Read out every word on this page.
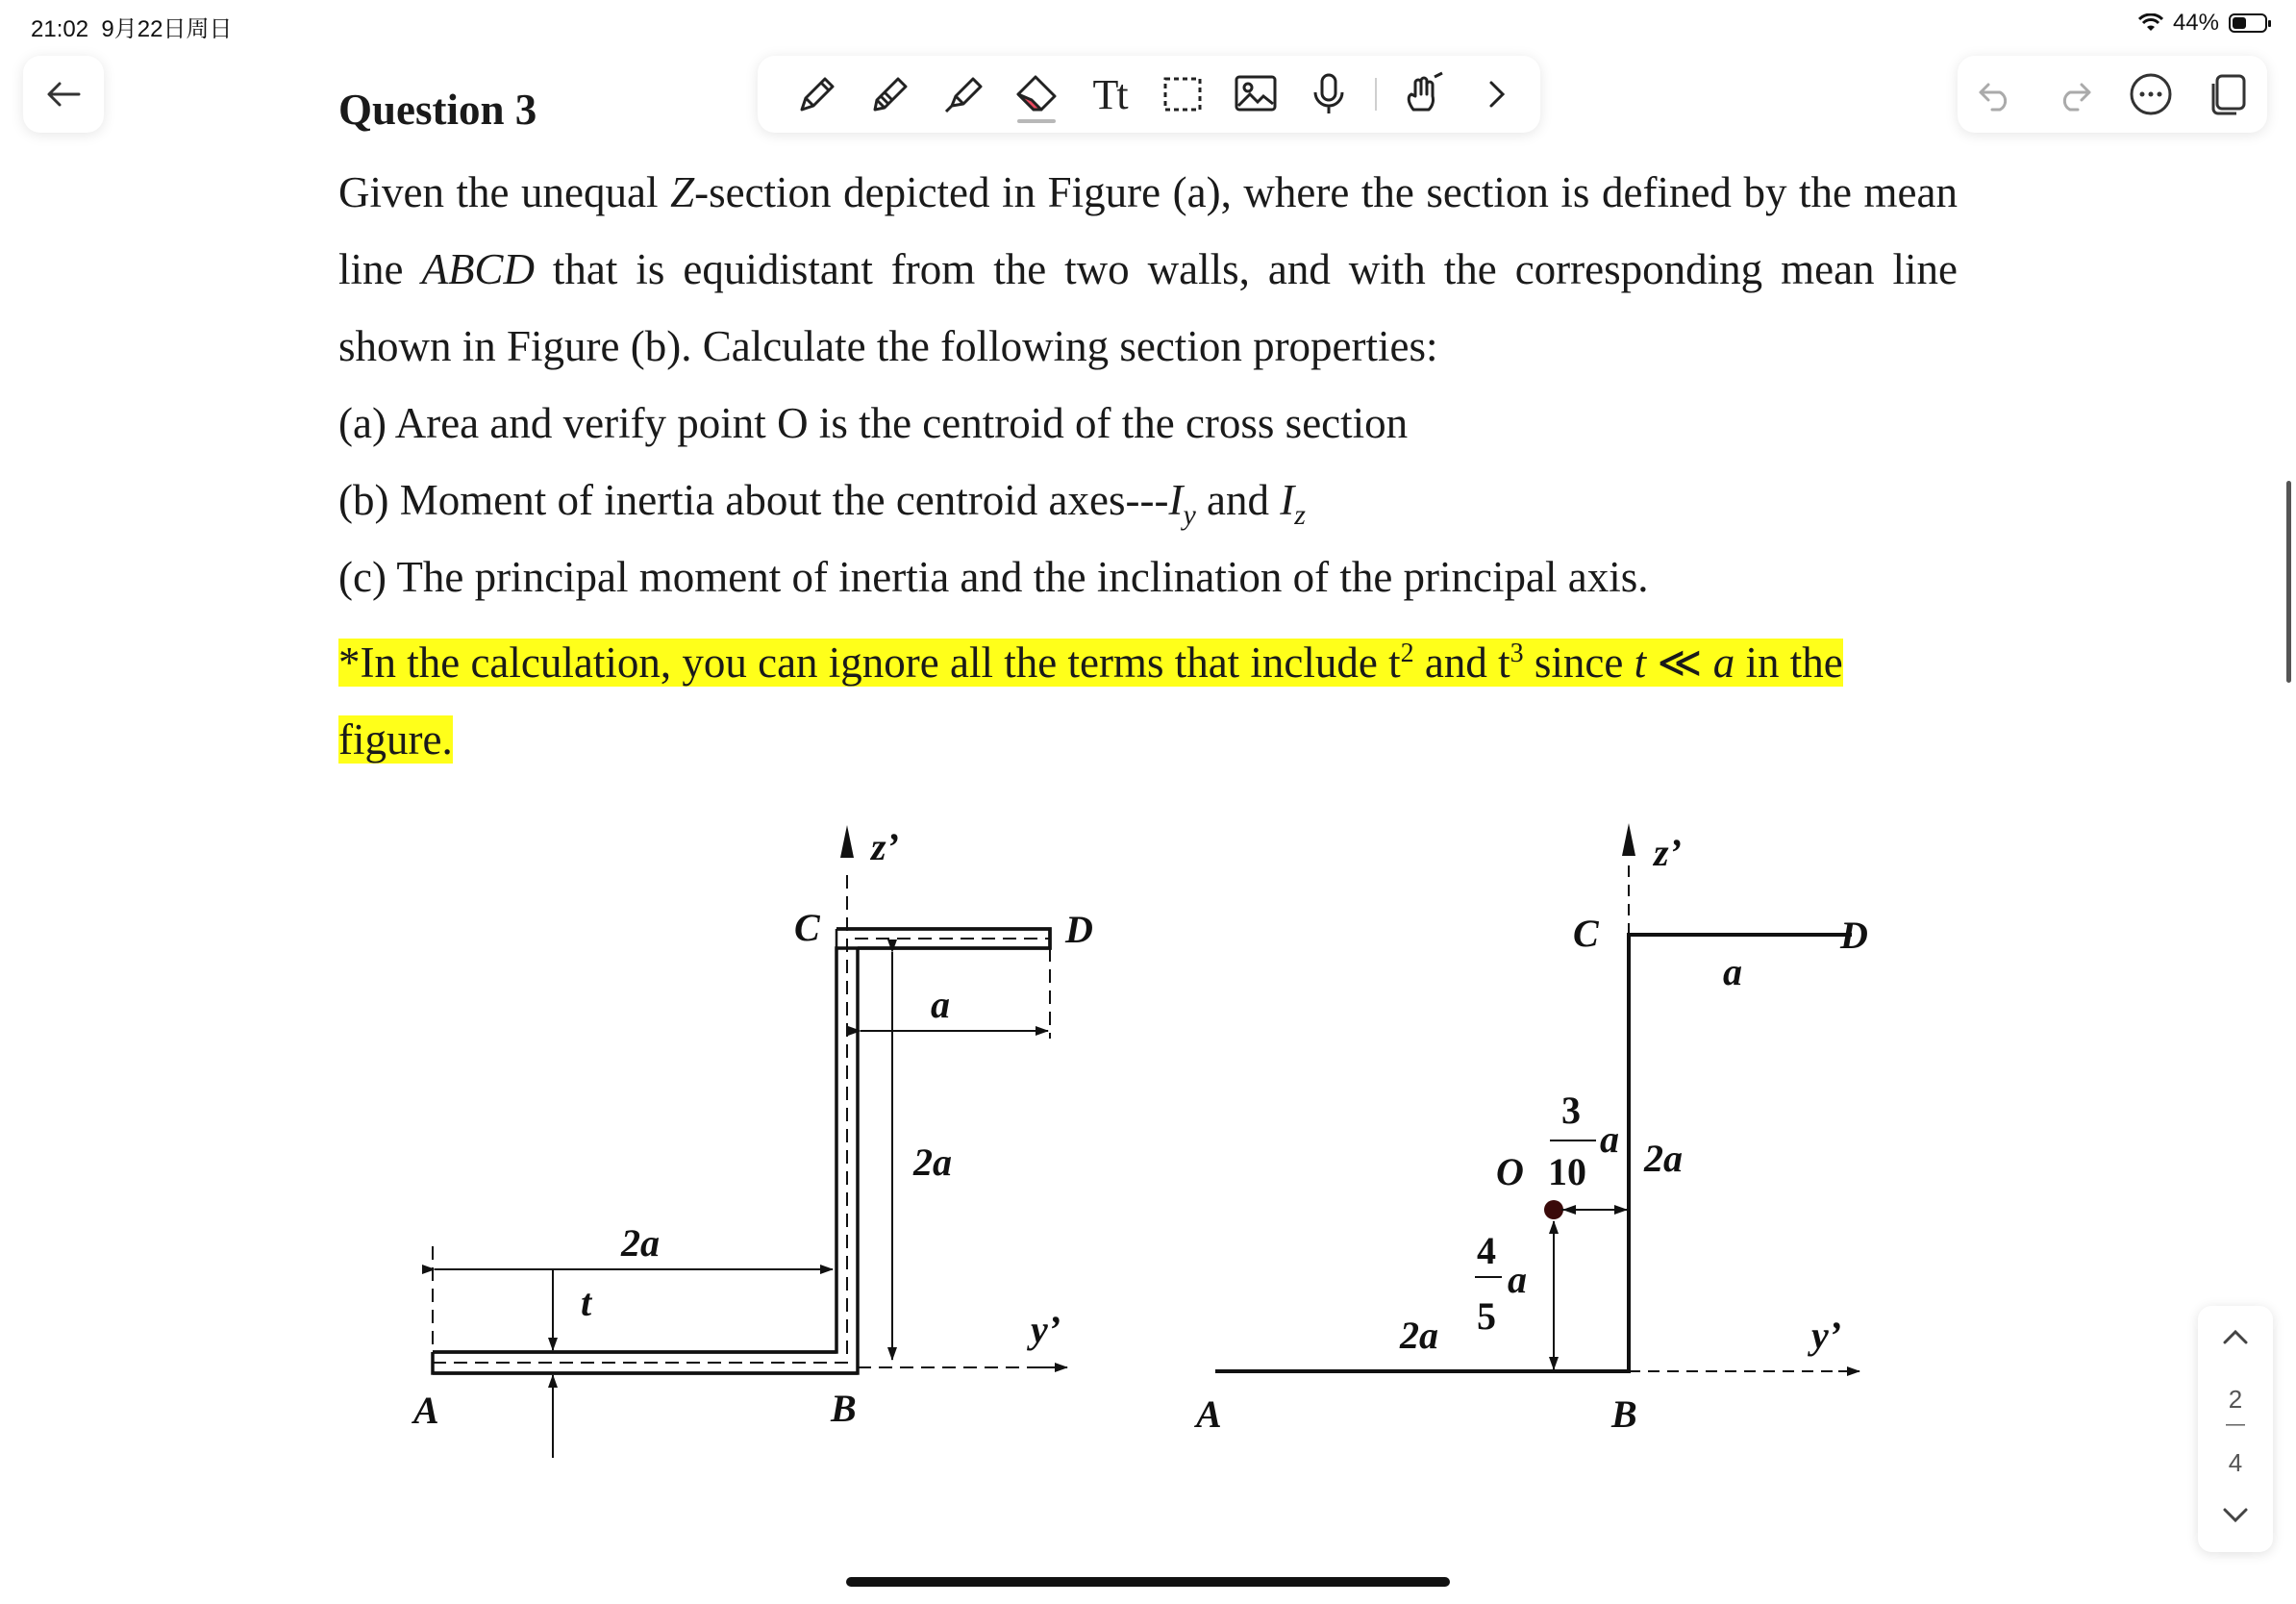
21:02 9月22日周日	44%
Tt
Question 3
Given the unequal Z-section depicted in Figure (a), where the section is defined by the mean line ABCD that is equidistant from the two walls, and with the corresponding mean line shown in Figure (b). Calculate the following section properties:
(a) Area and verify point O is the centroid of the cross section
(b) Moment of inertia about the centroid axes-$--I_y$ and $I_z$
(c) The principal moment of inertia and the inclination of the principal axis.
*In the calculation, you can ignore all the terms that include $t^2$ and $t^3$ since t ≪ a in the figure.
A	B
C	D
z’
y’
t
2a
2a
a
A	B
C	D
O
z’
y’
a
2a
2a
a
a
3
10
4
5
2
—
4
